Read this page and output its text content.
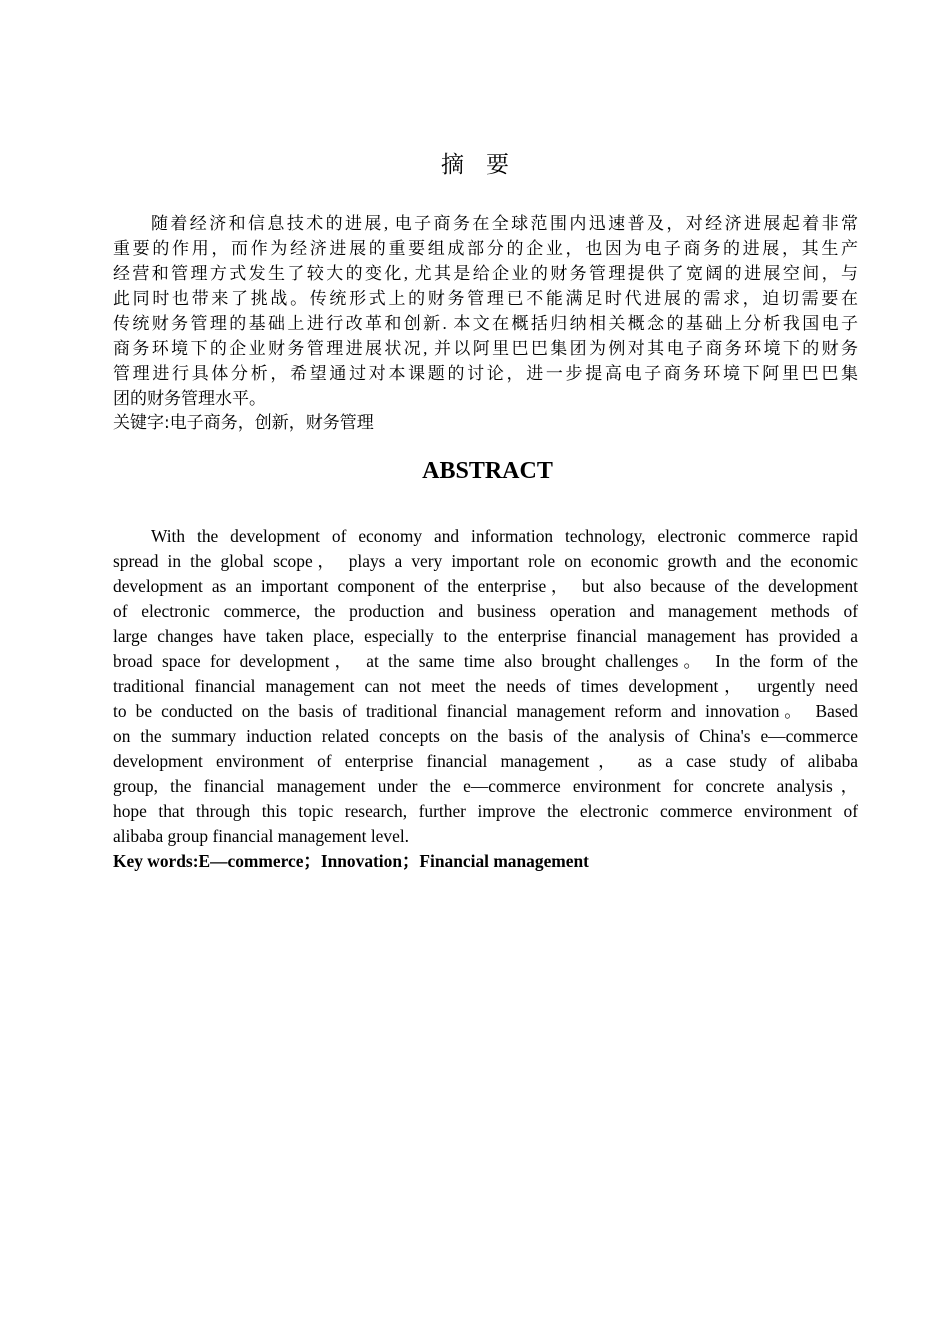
摘要
随着经济和信息技术的进展, 电子商务在全球范围内迅速普及，对经济进展起着非常
重要的作用，而作为经济进展的重要组成部分的企业，也因为电子商务的进展，其生产
经营和管理方式发生了较大的变化, 尤其是给企业的财务管理提供了宽阔的进展空间，与
此同时也带来了挑战。传统形式上的财务管理已不能满足时代进展的需求，迫切需要在
传统财务管理的基础上进行改革和创新. 本文在概括归纳相关概念的基础上分析我国电子
商务环境下的企业财务管理进展状况, 并以阿里巴巴集团为例对其电子商务环境下的财务
管理进行具体分析，希望通过对本课题的讨论，进一步提高电子商务环境下阿里巴巴集
团的财务管理水平。
关键字:电子商务，创新，财务管理
ABSTRACT
With the development of economy and information technology, electronic commerce rapid
spread in the global scope， plays a very important role on economic growth and the economic
development as an important component of the enterprise， but also because of the development
of electronic commerce, the production and business operation and management methods of
large changes have taken place, especially to the enterprise financial management has provided a
broad space for development， at the same time also brought challenges。 In the form of the
traditional financial management can not meet the needs of times development， urgently need
to be conducted on the basis of traditional financial management reform and innovation。 Based
on the summary induction related concepts on the basis of the analysis of China's e—commerce
development environment of enterprise financial management， as a case study of alibaba
group, the financial management under the e—commerce environment for concrete analysis，
hope that through this topic research, further improve the electronic commerce environment of
alibaba group financial management level.
Key words:E—commerce；Innovation；Financial management
